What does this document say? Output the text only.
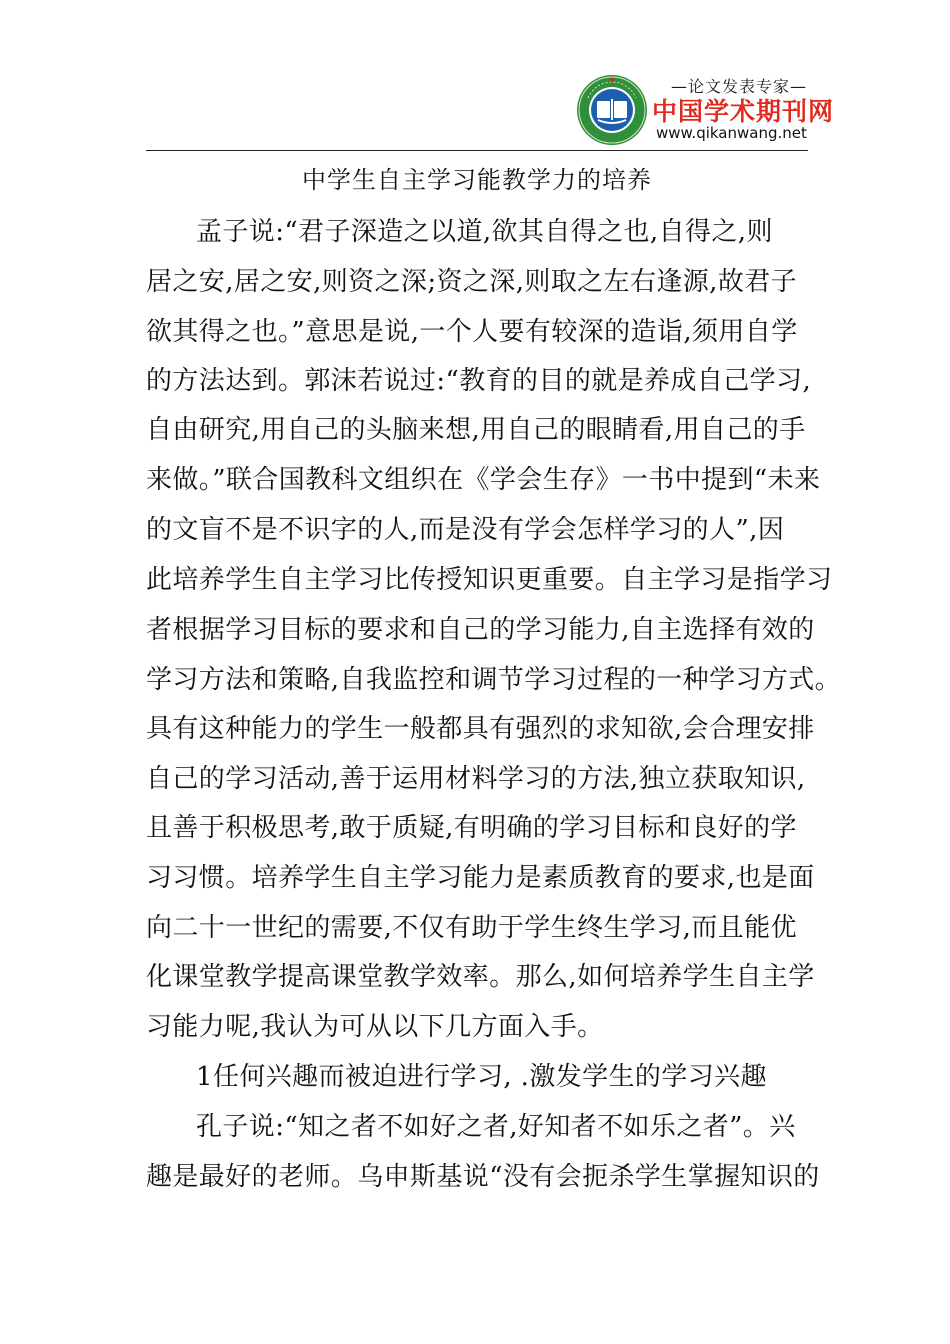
—论文发表专家—
中国学术期刊网
www.qikanwang.net
中学生自主学习能教学力的培养
孟子说:“君子深造之以道,欲其自得之也,自得之,则
居之安,居之安,则资之深;资之深,则取之左右逢源,故君子
欲其得之也。”意思是说,一个人要有较深的造诣,须用自学
的方法达到。郭沫若说过:“教育的目的就是养成自己学习,
自由研究,用自己的头脑来想,用自己的眼睛看,用自己的手
来做。”联合国教科文组织在《学会生存》一书中提到“未来
的文盲不是不识字的人,而是没有学会怎样学习的人”,因
此培养学生自主学习比传授知识更重要。自主学习是指学习
者根据学习目标的要求和自己的学习能力,自主选择有效的
学习方法和策略,自我监控和调节学习过程的一种学习方式。
具有这种能力的学生一般都具有强烈的求知欲,会合理安排
自己的学习活动,善于运用材料学习的方法,独立获取知识,
且善于积极思考,敢于质疑,有明确的学习目标和良好的学
习习惯。培养学生自主学习能力是素质教育的要求,也是面
向二十一世纪的需要,不仅有助于学生终生学习,而且能优
化课堂教学提高课堂教学效率。那么,如何培养学生自主学
习能力呢,我认为可从以下几方面入手。
1任何兴趣而被迫进行学习, .激发学生的学习兴趣
孔子说:“知之者不如好之者,好知者不如乐之者”。兴
趣是最好的老师。乌申斯基说“没有会扼杀学生掌握知识的
